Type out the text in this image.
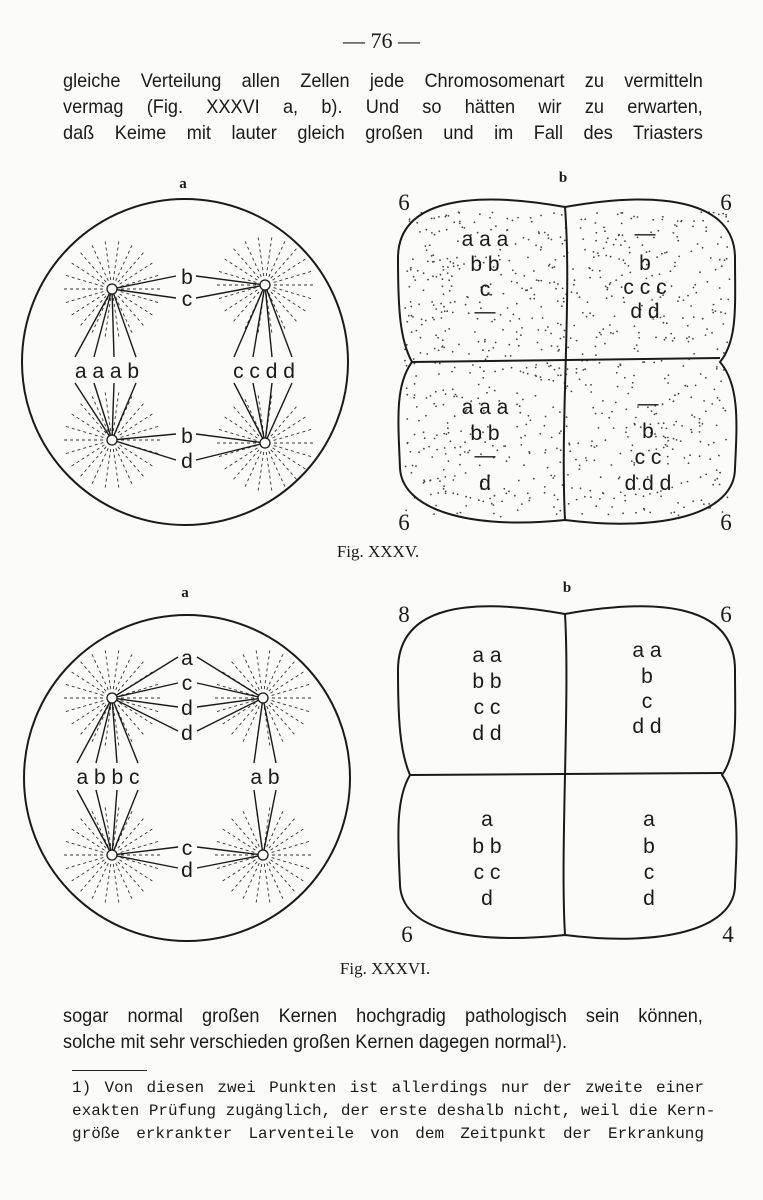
— 76 —
gleiche Verteilung allen Zellen jede Chromosomenart zu vermitteln
vermag (Fig. XXXVI a, b). Und so hätten wir zu erwarten,
daß Keime mit lauter gleich großen und im Fall des Triasters
a
b
c
a a a b	c c d d
b
d
b
6	6
6	6
a a a
b b
c
—
—
b
c c c
d d
a a a
b b
—
d
—
b
c c
d d d
Fig. XXXV.
a
a
c
d
d
a b b c	a b
c
d
b
8	6
6	4
a a
b b
c c
d d
a a
b
c
d d
a
b b
c c
d
a
b
c
d
Fig. XXXVI.
sogar normal großen Kernen hochgradig pathologisch sein können,
solche mit sehr verschieden großen Kernen dagegen normal¹).
1) Von diesen zwei Punkten ist allerdings nur der zweite einer
exakten Prüfung zugänglich, der erste deshalb nicht, weil die Kern-
größe erkrankter Larventeile von dem Zeitpunkt der Erkrankung
